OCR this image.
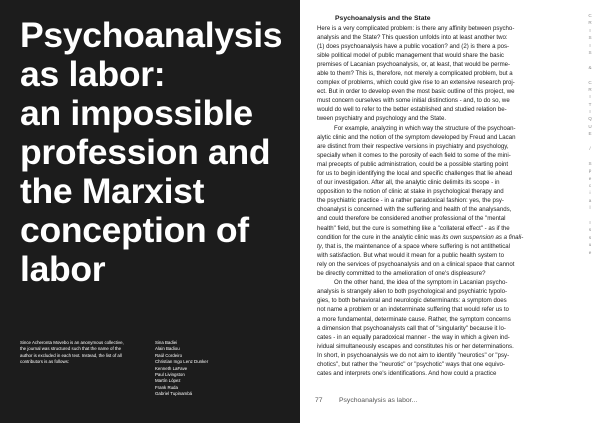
Psychoanalysis
as labor:
an impossible
profession and
the Marxist
conception of
labor

Since Acheronta Movebo is an anonymous collective, the journal was structured such that the name of the author is excluded in each text. Instead, the list of all contributors is as follows:

Sina Badiei
Alain Badiou
Raúl Cordeiro
Christian Ingo Lenz Dunker
Kenneth LaFave
Paul Livingston
Martín López
Frank Ruda
Gabriel Tupinambá
Psychoanalysis and the State
Here is a very complicated problem: is there any affinity between psycho-
analysis and the State? This question unfolds into at least another two:
(1) does psychoanalysis have a public vocation? and (2) is there a pos-
sible political model of public management that would share the basic
premises of Lacanian psychoanalysis, or, at least, that would be perme-
able to them? This is, therefore, not merely a complicated problem, but a
complex of problems, which could give rise to an extensive research proj-
ect. But in order to develop even the most basic outline of this project, we
must concern ourselves with some initial distinctions - and, to do so, we
would do well to refer to the better established and studied relation be-
tween psychiatry and psychology and the State.
For example, analyzing in which way the structure of the psychoan-
alytic clinic and the notion of the symptom developed by Freud and Lacan
are distinct from their respective versions in psychiatry and psychology,
specially when it comes to the porosity of each field to some of the mini-
mal precepts of public administration, could be a possible starting point
for us to begin identifying the local and specific challenges that lie ahead
of our investigation. After all, the analytic clinic delimits its scope - in
opposition to the notion of clinic at stake in psychological therapy and
the psychiatric practice - in a rather paradoxical fashion: yes, the psy-
choanalyst is concerned with the suffering and health of the analysands,
and could therefore be considered another professional of the "mental
health" field, but the cure is something like a "collateral effect" - as if the
condition for the cure in the analytic clinic was its own suspension as a finali-
ty, that is, the maintenance of a space where suffering is not antithetical
with satisfaction. But what would it mean for a public health system to
rely on the services of psychoanalysis and on a clinical space that cannot
be directly committed to the amelioration of one's displeasure?
On the other hand, the idea of the symptom in Lacanian psycho-
analysis is strangely alien to both psychological and psychiatric typolo-
gies, to both behavioral and neurologic determinants: a symptom does
not name a problem or an indeterminate suffering that would refer us to
a more fundamental, determinate cause. Rather, the symptom concerns
a dimension that psychoanalysts call that of "singularity" because it lo-
cates - in an equally paradoxical manner - the way in which a given ind-
ividual simultaneously escapes and constitutes his or her determinations.
In short, in psychoanalysis we do not aim to identify "neurotics" or "psy-
chotics", but rather the "neurotic" or "psychotic" ways that one equivo-
cates and interprets one's identifications. And how could a practice
C
R
I
S
I
S
&
C
R
I
T
I
Q
U
E
/
S
p
e
c
i
a
l
I
s
s
u
e
77 Psychoanalysis as labor...
